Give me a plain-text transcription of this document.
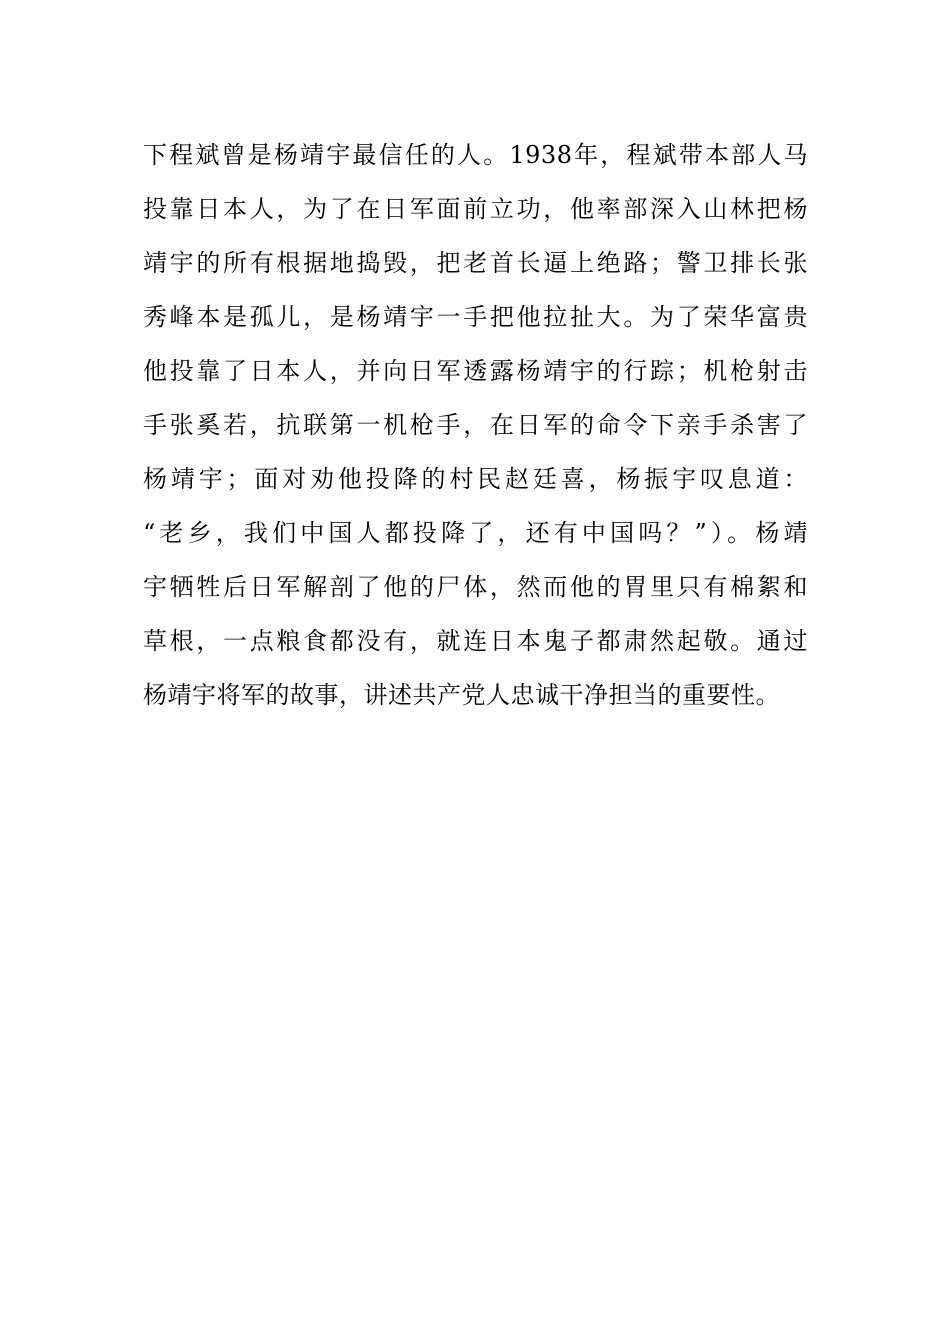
下程斌曾是杨靖宇最信任的人。1938年，程斌带本部人马
投靠日本人，为了在日军面前立功，他率部深入山林把杨
靖宇的所有根据地捣毁，把老首长逼上绝路；警卫排长张
秀峰本是孤儿，是杨靖宇一手把他拉扯大。为了荣华富贵
他投靠了日本人，并向日军透露杨靖宇的行踪；机枪射击
手张奚若，抗联第一机枪手，在日军的命令下亲手杀害了
杨靖宇；面对劝他投降的村民赵廷喜，杨振宇叹息道：
“老乡，我们中国人都投降了，还有中国吗？”）。杨靖
宇牺牲后日军解剖了他的尸体，然而他的胃里只有棉絮和
草根，一点粮食都没有，就连日本鬼子都肃然起敬。通过
杨靖宇将军的故事，讲述共产党人忠诚干净担当的重要性。
